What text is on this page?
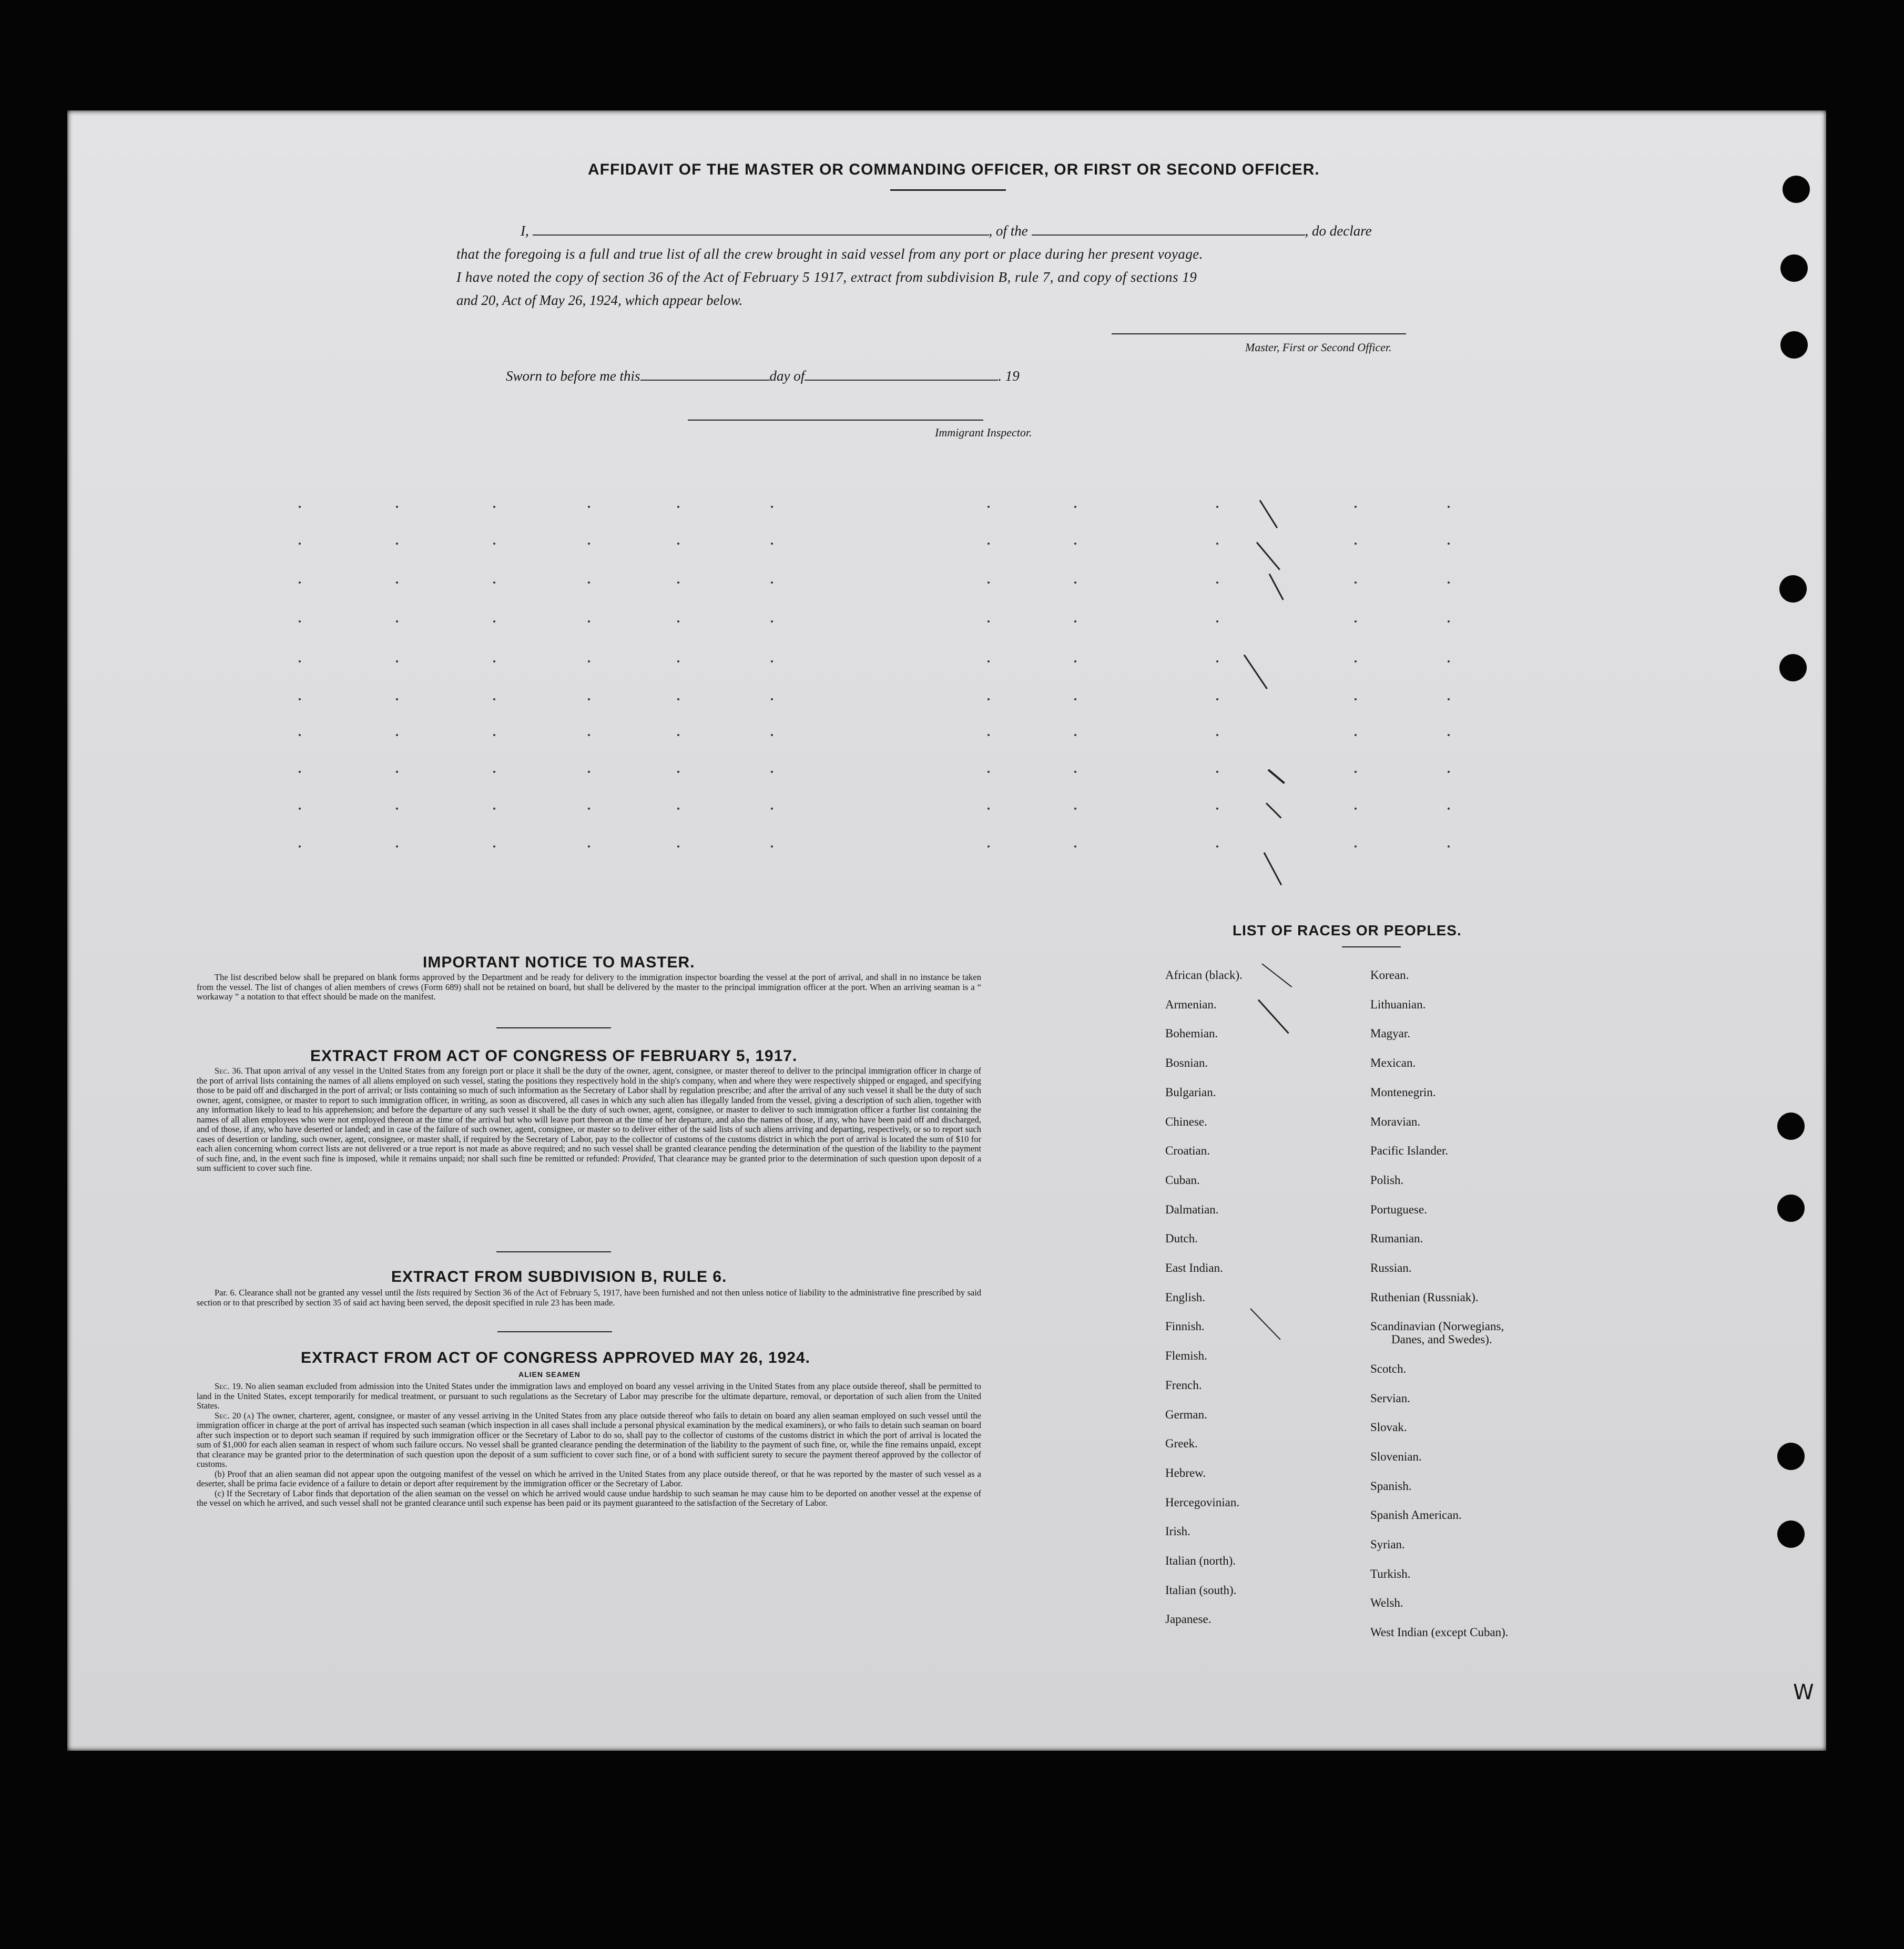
AFFIDAVIT OF THE MASTER OR COMMANDING OFFICER, OR FIRST OR SECOND OFFICER.
I,	, of the	, do declare
that the foregoing is a full and true list of all the crew brought in said vessel from any port or place during her present voyage.
I have noted the copy of section 36 of the Act of February 5 1917, extract from subdivision B, rule 7, and copy of sections 19
and 20, Act of May 26, 1924, which appear below.
Master, First or Second Officer.
Sworn to before me this	day of	. 19
Immigrant Inspector.
IMPORTANT NOTICE TO MASTER.
The list described below shall be prepared on blank forms approved by the Department and be ready for delivery to the immigration inspector boarding the vessel at the port of arrival, and shall in no instance be taken from the vessel. The list of changes of alien members of crews (Form 689) shall not be retained on board, but shall be delivered by the master to the principal immigration officer at the port. When an arriving seaman is a “ workaway ” a notation to that effect should be made on the manifest.
EXTRACT FROM ACT OF CONGRESS OF FEBRUARY 5, 1917.

Sec. 36. That upon arrival of any vessel in the United States from any foreign port or place it shall be the duty of the owner, agent, consignee, or master thereof to deliver to the principal immigration officer in charge of the port of arrival lists containing the names of all aliens employed on such vessel, stating the positions they respectively hold in the ship's company, when and where they were respectively shipped or engaged, and specifying those to be paid off and discharged in the port of arrival; or lists containing so much of such information as the Secretary of Labor shall by regulation prescribe; and after the arrival of any such vessel it shall be the duty of such owner, agent, consignee, or master to report to such immigration officer, in writing, as soon as discovered, all cases in which any such alien has illegally landed from the vessel, giving a description of such alien, together with any information likely to lead to his apprehension; and before the departure of any such vessel it shall be the duty of such owner, agent, consignee, or master to deliver to such immigration officer a further list containing the names of all alien employees who were not employed thereon at the time of the arrival but who will leave port thereon at the time of her departure, and also the names of those, if any, who have been paid off and discharged, and of those, if any, who have deserted or landed; and in case of the failure of such owner, agent, consignee, or master so to deliver either of the said lists of such aliens arriving and departing, respectively, or so to report such cases of desertion or landing, such owner, agent, consignee, or master shall, if required by the Secretary of Labor, pay to the collector of customs of the customs district in which the port of arrival is located the sum of $10 for each alien concerning whom correct lists are not delivered or a true report is not made as above required; and no such vessel shall be granted clearance pending the determination of the question of the liability to the payment of such fine, and, in the event such fine is imposed, while it remains unpaid; nor shall such fine be remitted or refunded: Provided, That clearance may be granted prior to the determination of such question upon deposit of a sum sufficient to cover such fine.

EXTRACT FROM SUBDIVISION B, RULE 6.

Par. 6. Clearance shall not be granted any vessel until the lists required by Section 36 of the Act of February 5, 1917, have been furnished and not then unless notice of liability to the administrative fine prescribed by said section or to that prescribed by section 35 of said act having been served, the deposit specified in rule 23 has been made.

EXTRACT FROM ACT OF CONGRESS APPROVED MAY 26, 1924.
ALIEN SEAMEN

Sec. 19. No alien seaman excluded from admission into the United States under the immigration laws and employed on board any vessel arriving in the United States from any place outside thereof, shall be permitted to land in the United States, except temporarily for medical treatment, or pursuant to such regulations as the Secretary of Labor may prescribe for the ultimate departure, removal, or deportation of such alien from the United States.

Sec. 20 (a) The owner, charterer, agent, consignee, or master of any vessel arriving in the United States from any place outside thereof who fails to detain on board any alien seaman employed on such vessel until the immigration officer in charge at the port of arrival has inspected such seaman (which inspection in all cases shall include a personal physical examination by the medical examiners), or who fails to detain such seaman on board after such inspection or to deport such seaman if required by such immigration officer or the Secretary of Labor to do so, shall pay to the collector of customs of the customs district in which the port of arrival is located the sum of $1,000 for each alien seaman in respect of whom such failure occurs. No vessel shall be granted clearance pending the determination of the liability to the payment of such fine, or, while the fine remains unpaid, except that clearance may be granted prior to the determination of such question upon the deposit of a sum sufficient to cover such fine, or of a bond with sufficient surety to secure the payment thereof approved by the collector of customs.

(b) Proof that an alien seaman did not appear upon the outgoing manifest of the vessel on which he arrived in the United States from any place outside thereof, or that he was reported by the master of such vessel as a deserter, shall be prima facie evidence of a failure to detain or deport after requirement by the immigration officer or the Secretary of Labor.

(c) If the Secretary of Labor finds that deportation of the alien seaman on the vessel on which he arrived would cause undue hardship to such seaman he may cause him to be deported on another vessel at the expense of the vessel on which he arrived, and such vessel shall not be granted clearance until such expense has been paid or its payment guaranteed to the satisfaction of the Secretary of Labor.

LIST OF RACES OR PEOPLES.
W
African (black).
Armenian.
Bohemian.
Bosnian.
Bulgarian.
Chinese.
Croatian.
Cuban.
Dalmatian.
Dutch.
East Indian.
English.
Finnish.
Flemish.
French.
German.
Greek.
Hebrew.
Hercegovinian.
Irish.
Italian (north).
Italian (south).
Japanese.
Korean.
Lithuanian.
Magyar.
Mexican.
Montenegrin.
Moravian.
Pacific Islander.
Polish.
Portuguese.
Rumanian.
Russian.
Ruthenian (Russniak).
Scandinavian (Norwegians,
Danes, and Swedes).
Scotch.
Servian.
Slovak.
Slovenian.
Spanish.
Spanish American.
Syrian.
Turkish.
Welsh.
West Indian (except Cuban).
